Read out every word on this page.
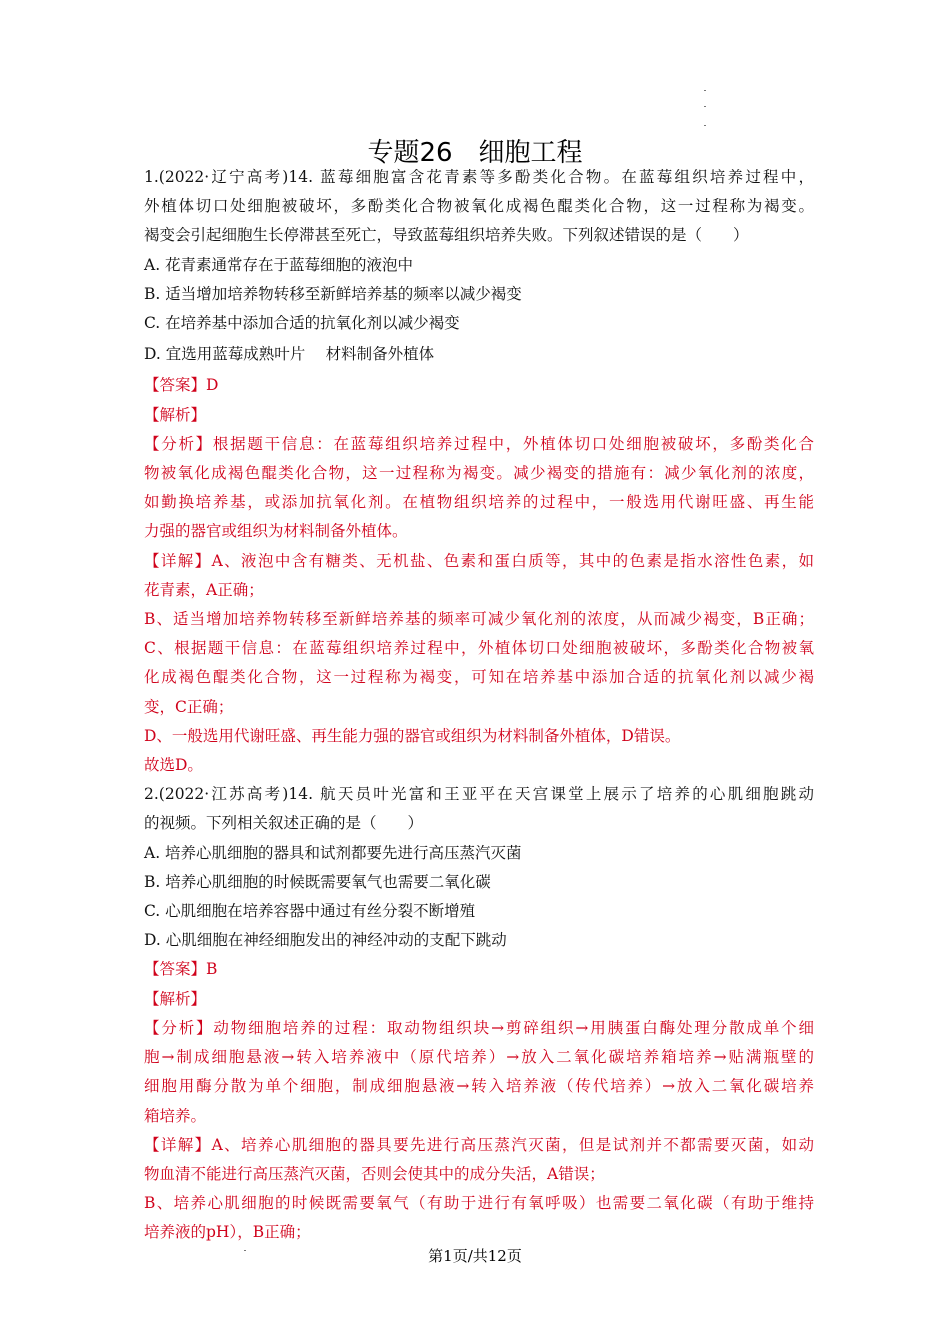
专题26　细胞工程
1.(2022·辽宁高考)14. 蓝莓细胞富含花青素等多酚类化合物。在蓝莓组织培养过程中，
外植体切口处细胞被破坏，多酚类化合物被氧化成褐色醌类化合物，这一过程称为褐变。
褐变会引起细胞生长停滞甚至死亡，导致蓝莓组织培养失败。下列叙述错误的是（　　）
A. 花青素通常存在于蓝莓细胞的液泡中
B. 适当增加培养物转移至新鲜培养基的频率以减少褐变
C. 在培养基中添加合适的抗氧化剂以减少褐变
D. 宜选用蓝莓成熟叶片　 材料制备外植体
【答案】D
【解析】
【分析】根据题干信息：在蓝莓组织培养过程中，外植体切口处细胞被破坏，多酚类化合
物被氧化成褐色醌类化合物，这一过程称为褐变。减少褐变的措施有：减少氧化剂的浓度，
如勤换培养基，或添加抗氧化剂。在植物组织培养的过程中，一般选用代谢旺盛、再生能
力强的器官或组织为材料制备外植体。
【详解】A、液泡中含有糖类、无机盐、色素和蛋白质等，其中的色素是指水溶性色素，如
花青素，A正确；
B、适当增加培养物转移至新鲜培养基的频率可减少氧化剂的浓度，从而减少褐变，B正确；
C、根据题干信息：在蓝莓组织培养过程中，外植体切口处细胞被破坏，多酚类化合物被氧
化成褐色醌类化合物，这一过程称为褐变，可知在培养基中添加合适的抗氧化剂以减少褐
变，C正确；
D、一般选用代谢旺盛、再生能力强的器官或组织为材料制备外植体，D错误。
故选D。
2.(2022·江苏高考)14. 航天员叶光富和王亚平在天宫课堂上展示了培养的心肌细胞跳动
的视频。下列相关叙述正确的是（　　）
A. 培养心肌细胞的器具和试剂都要先进行高压蒸汽灭菌
B. 培养心肌细胞的时候既需要氧气也需要二氧化碳
C. 心肌细胞在培养容器中通过有丝分裂不断增殖
D. 心肌细胞在神经细胞发出的神经冲动的支配下跳动
【答案】B
【解析】
【分析】动物细胞培养的过程：取动物组织块→剪碎组织→用胰蛋白酶处理分散成单个细
胞→制成细胞悬液→转入培养液中（原代培养）→放入二氧化碳培养箱培养→贴满瓶壁的
细胞用酶分散为单个细胞，制成细胞悬液→转入培养液（传代培养）→放入二氧化碳培养
箱培养。
【详解】A、培养心肌细胞的器具要先进行高压蒸汽灭菌，但是试剂并不都需要灭菌，如动
物血清不能进行高压蒸汽灭菌，否则会使其中的成分失活，A错误；
B、培养心肌细胞的时候既需要氧气（有助于进行有氧呼吸）也需要二氧化碳（有助于维持
培养液的pH），B正确；
第1页/共12页
